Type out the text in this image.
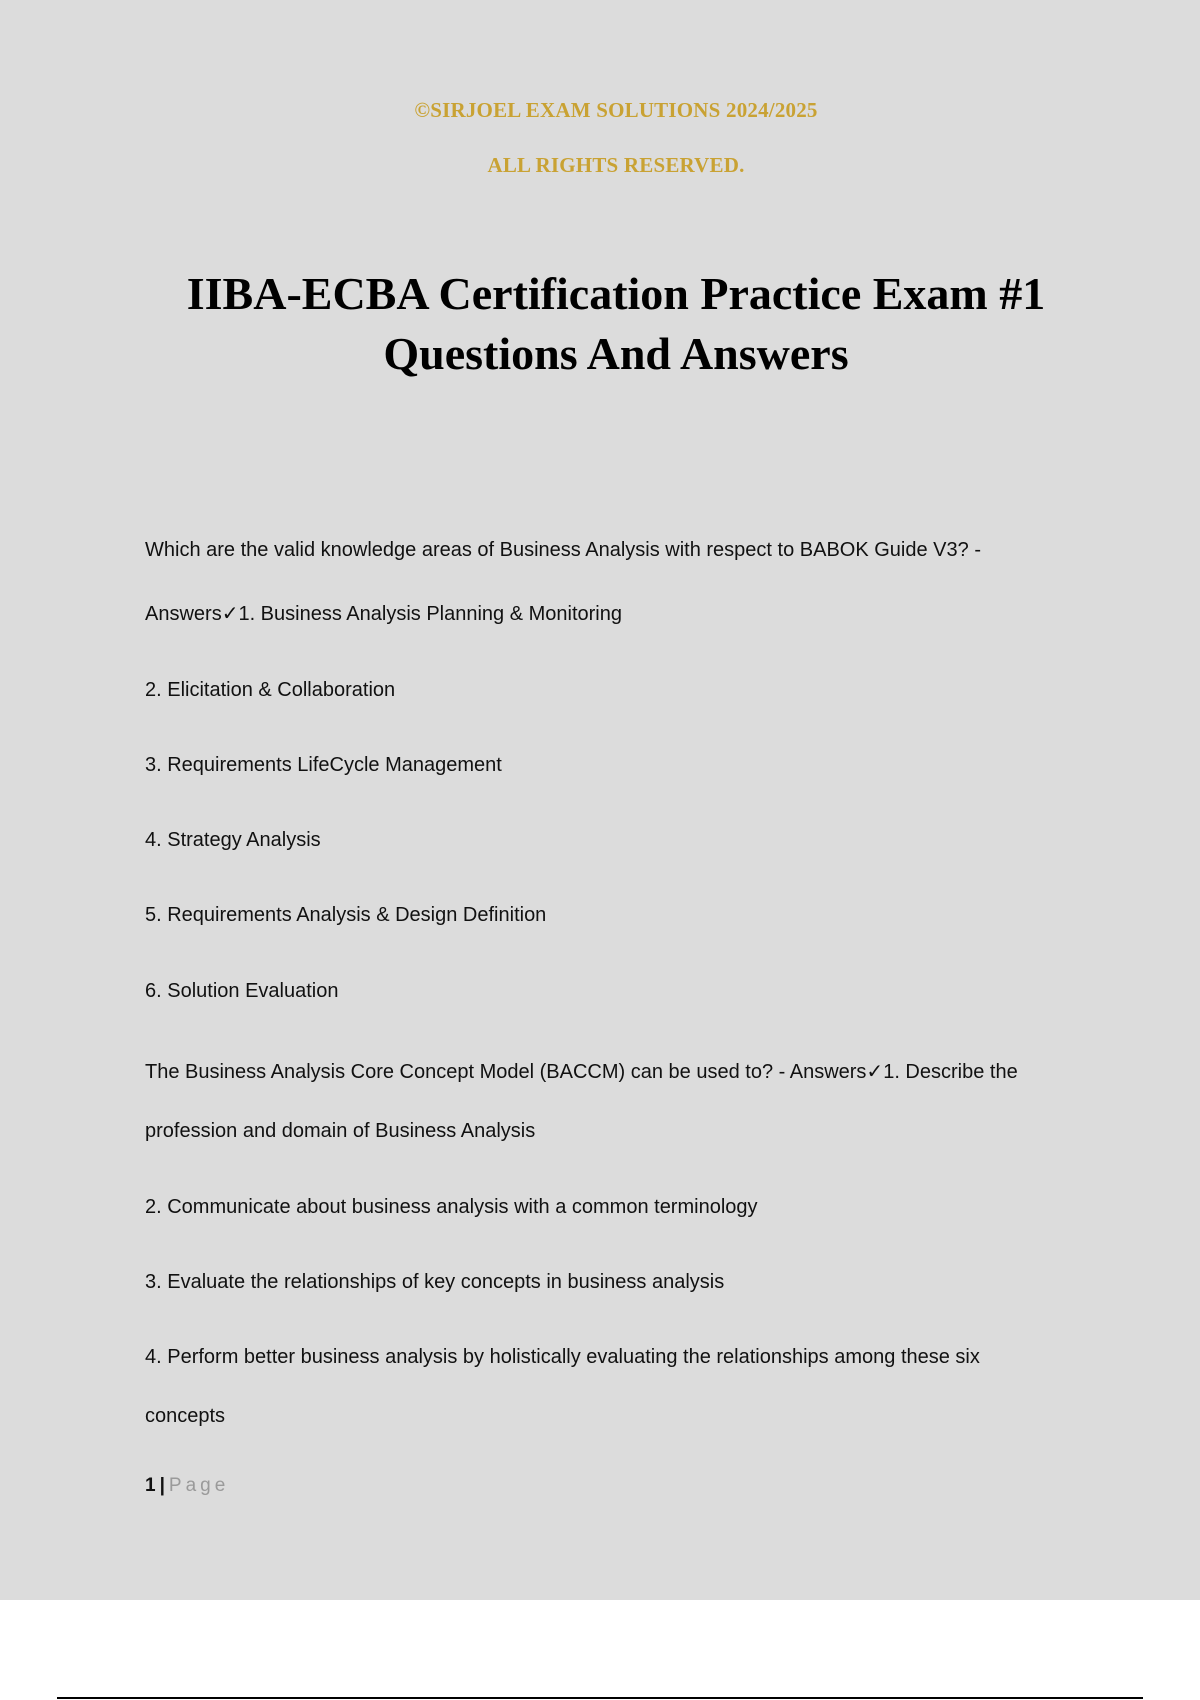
©SIRJOEL EXAM SOLUTIONS 2024/2025
ALL RIGHTS RESERVED.
IIBA-ECBA Certification Practice Exam #1
Questions And Answers
Which are the valid knowledge areas of Business Analysis with respect to BABOK Guide V3? -
Answers✓1. Business Analysis Planning & Monitoring
2. Elicitation & Collaboration
3. Requirements LifeCycle Management
4. Strategy Analysis
5. Requirements Analysis & Design Definition
6. Solution Evaluation
The Business Analysis Core Concept Model (BACCM) can be used to? - Answers✓1. Describe the
profession and domain of Business Analysis
2. Communicate about business analysis with a common terminology
3. Evaluate the relationships of key concepts in business analysis
4. Perform better business analysis by holistically evaluating the relationships among these six
concepts
1 | Page
